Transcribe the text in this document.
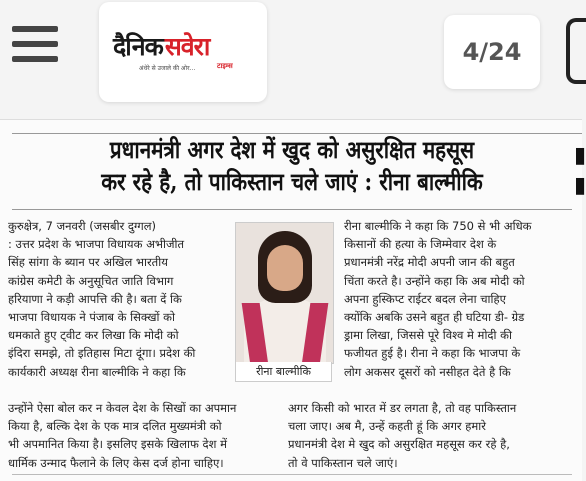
दैनिकसवेरा
अंधेरे से उजाले की ओर...	टाइम्स	4/24
प्रधानमंत्री अगर देश में खुद को असुरक्षित महसूस
कर रहे है, तो पाकिस्तान चले जाएं : रीना बाल्मीकि
▮
▮
कुरुक्षेत्र, 7 जनवरी (जसबीर दुग्गल)
: उत्तर प्रदेश के भाजपा विधायक अभीजीत
सिंह सांगा के ब्यान पर अखिल भारतीय
कांग्रेस कमेटी के अनुसूचित जाति विभाग
हरियाणा ने कड़ी आपत्ति की है। बता दें कि
भाजपा विधायक ने पंजाब के सिक्खों को
धमकाते हुए ट्वीट कर लिखा कि मोदी को
इंदिरा समझे, तो इतिहास मिटा दूंगा। प्रदेश की
कार्यकारी अध्यक्ष रीना बाल्मीकि ने कहा कि	रीना बाल्मीकि
रीना बाल्मीकि ने कहा कि 750 से भी अधिक
किसानों की हत्या के जिम्मेवार देश के
प्रधानमंत्री नरेंद्र मोदी अपनी जान की बहुत
चिंता करते है। उन्होंने कहा कि अब मोदी को
अपना हुस्किप्ट राईटर बदल लेना चाहिए
क्योंकि अबकि उसने बहुत ही घटिया डी- ग्रेड
ड्रामा लिखा, जिससे पूरे विश्व मे मोदी की
फजीयत हुई है। रीना ने कहा कि भाजपा के
लोग अकसर दूसरों को नसीहत देते है कि
उन्होंने ऐसा बोल कर न केवल देश के सिखों का अपमान
किया है, बल्कि देश के एक मात्र दलित मुख्यमंत्री को
भी अपमानित किया है। इसलिए इसके खिलाफ देश में
धार्मिक उन्माद फैलाने के लिए केस दर्ज होना चाहिए।
अगर किसी को भारत में डर लगता है, तो वह पाकिस्तान
चला जाए। अब मै, उन्हें कहती हूं कि अगर हमारे
प्रधानमंत्री देश मे खुद को असुरक्षित महसूस कर रहे है,
तो वे पाकिस्तान चले जाएं।
